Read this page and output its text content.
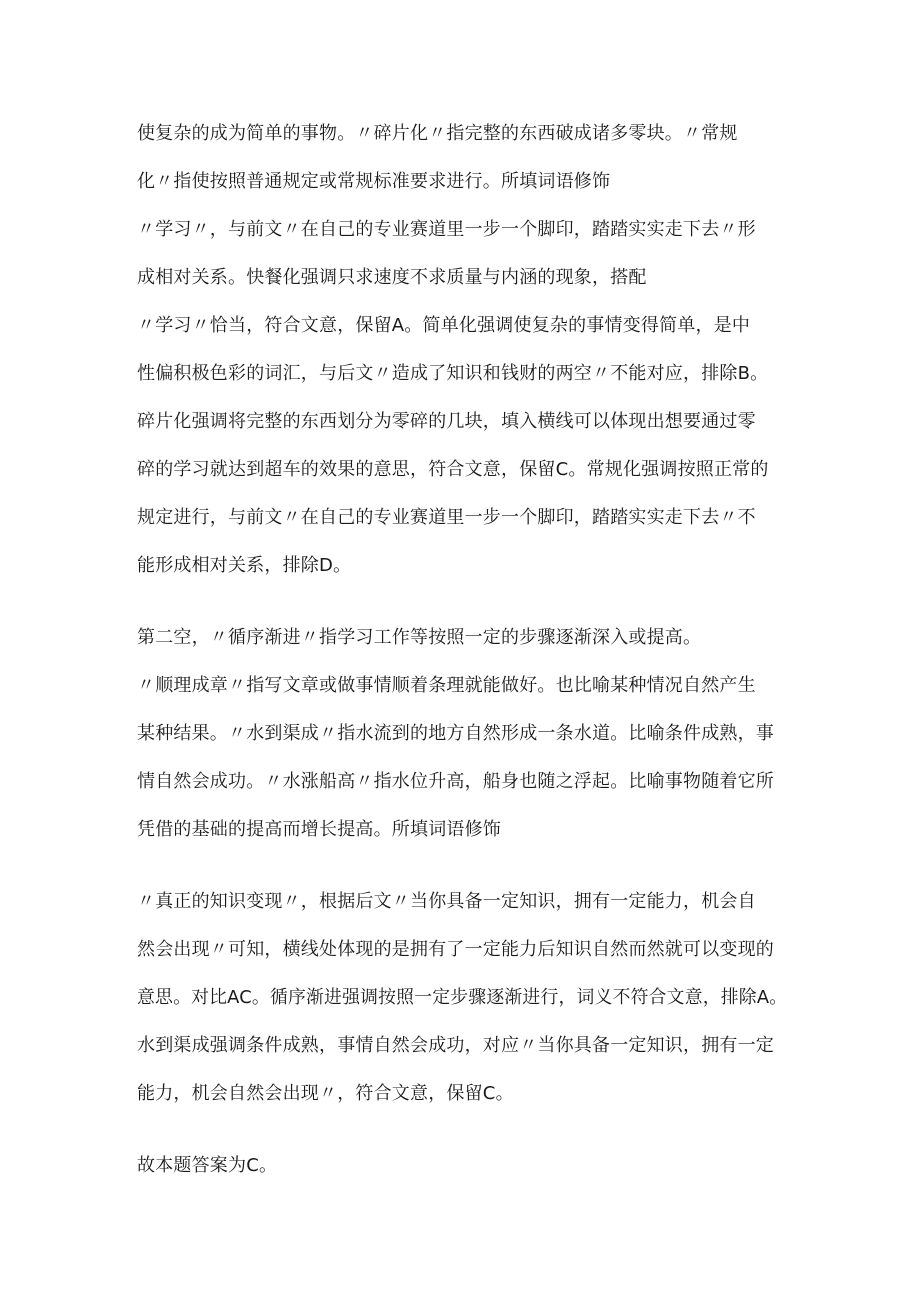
使复杂的成为简单的事物。〃碎片化〃指完整的东西破成诸多零块。〃常规
化〃指使按照普通规定或常规标准要求进行。所填词语修饰
〃学习〃，与前文〃在自己的专业赛道里一步一个脚印，踏踏实实走下去〃形
成相对关系。快餐化强调只求速度不求质量与内涵的现象，搭配
〃学习〃恰当，符合文意，保留A。简单化强调使复杂的事情变得简单，是中
性偏积极色彩的词汇，与后文〃造成了知识和钱财的两空〃不能对应，排除B。
碎片化强调将完整的东西划分为零碎的几块，填入横线可以体现出想要通过零
碎的学习就达到超车的效果的意思，符合文意，保留C。常规化强调按照正常的
规定进行，与前文〃在自己的专业赛道里一步一个脚印，踏踏实实走下去〃不
能形成相对关系，排除D。
第二空，〃循序渐进〃指学习工作等按照一定的步骤逐渐深入或提高。
〃顺理成章〃指写文章或做事情顺着条理就能做好。也比喻某种情况自然产生
某种结果。〃水到渠成〃指水流到的地方自然形成一条水道。比喻条件成熟，事
情自然会成功。〃水涨船高〃指水位升高，船身也随之浮起。比喻事物随着它所
凭借的基础的提高而增长提高。所填词语修饰
〃真正的知识变现〃，根据后文〃当你具备一定知识，拥有一定能力，机会自
然会出现〃可知，横线处体现的是拥有了一定能力后知识自然而然就可以变现的
意思。对比AC。循序渐进强调按照一定步骤逐渐进行，词义不符合文意，排除A。
水到渠成强调条件成熟，事情自然会成功，对应〃当你具备一定知识，拥有一定
能力，机会自然会出现〃，符合文意，保留C。
故本题答案为C。
